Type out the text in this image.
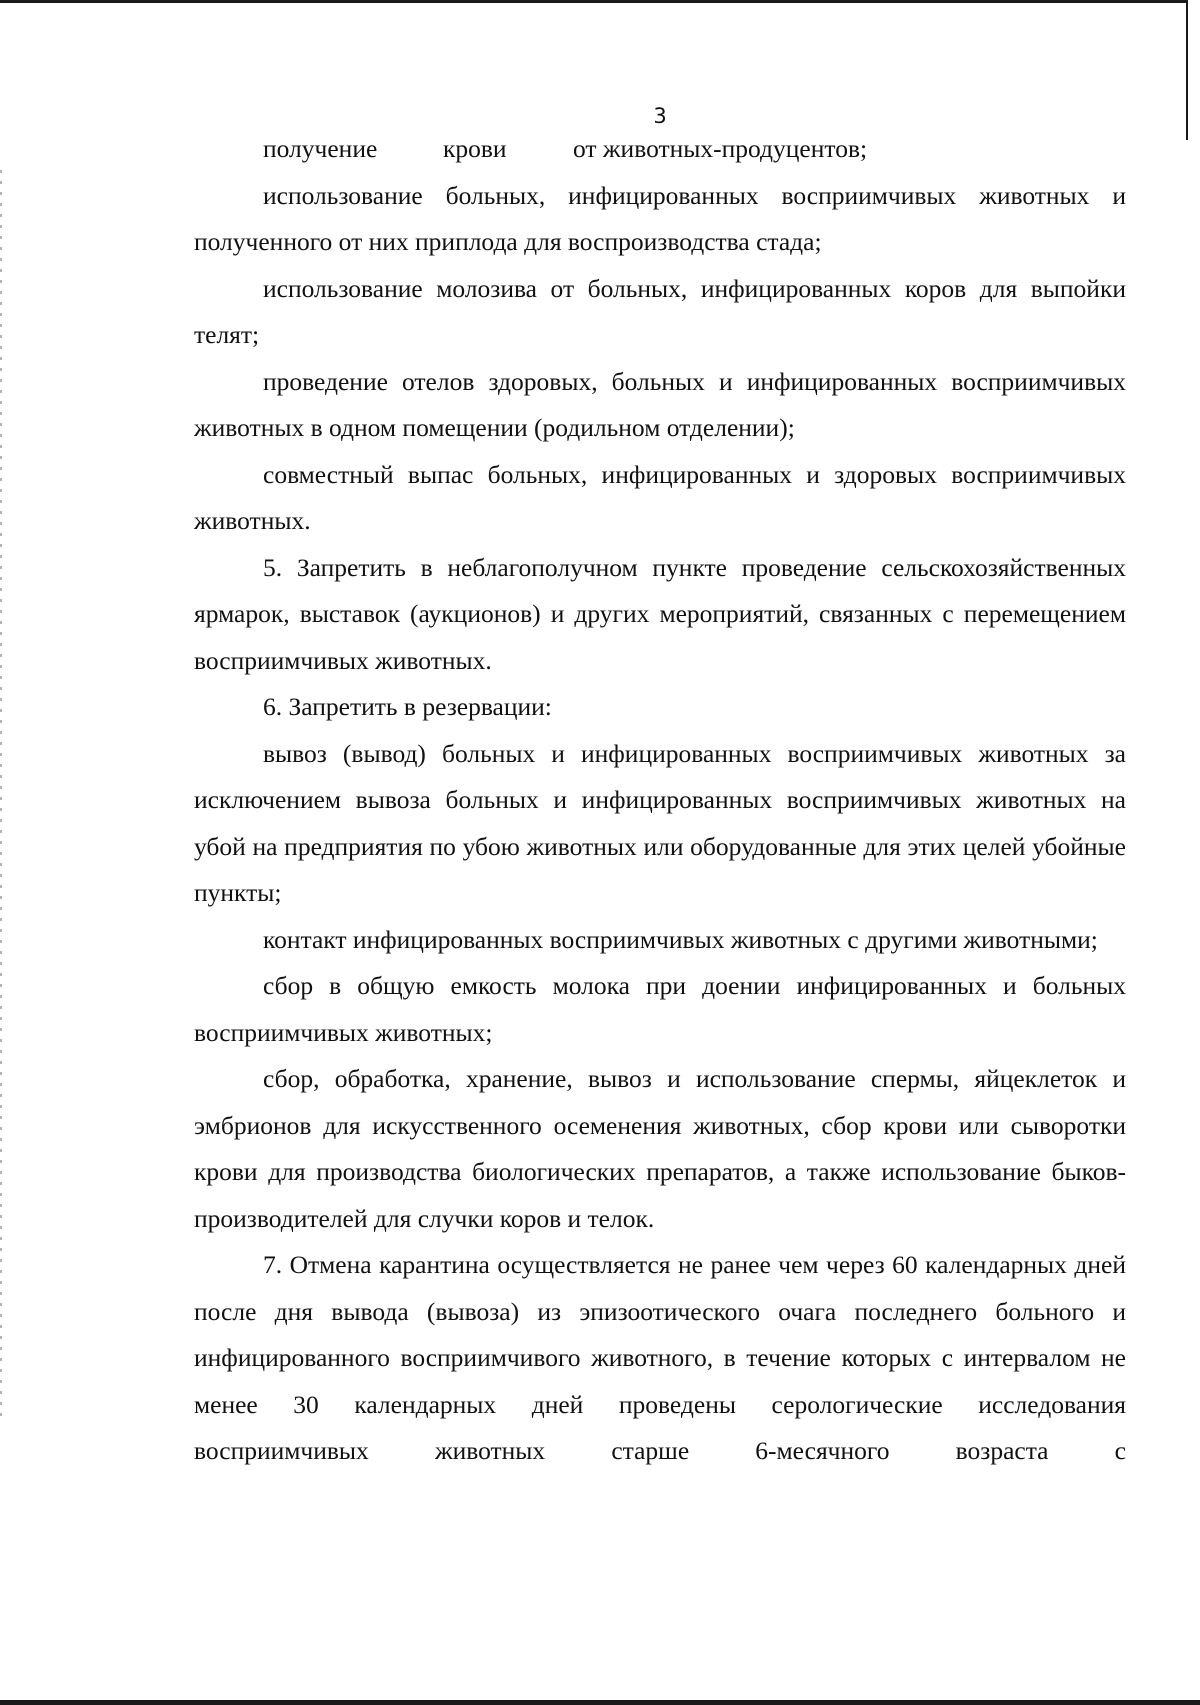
3

получение	крови	от животных-продуцентов;

использование больных, инфицированных восприимчивых животных и полученного от них приплода для воспроизводства стада;

использование молозива от больных, инфицированных коров для выпойки телят;

проведение отелов здоровых, больных и инфицированных восприимчивых животных в одном помещении (родильном отделении);

совместный выпас больных, инфицированных и здоровых восприимчивых животных.

5. Запретить в неблагополучном пункте проведение сельскохозяйственных ярмарок, выставок (аукционов) и других мероприятий, связанных с перемещением восприимчивых животных.

6. Запретить в резервации:

вывоз (вывод) больных и инфицированных восприимчивых животных за исключением вывоза больных и инфицированных восприимчивых животных на убой на предприятия по убою животных или оборудованные для этих целей убойные пункты;

контакт инфицированных восприимчивых животных с другими животными;

сбор в общую емкость молока при доении инфицированных и больных восприимчивых животных;

сбор, обработка, хранение, вывоз и использование спермы, яйцеклеток и эмбрионов для искусственного осеменения животных, сбор крови или сыворотки крови для производства биологических препаратов, а также использование быков-производителей для случки коров и телок.

7. Отмена карантина осуществляется не ранее чем через 60 календарных дней после дня вывода (вывоза) из эпизоотического очага последнего больного и инфицированного восприимчивого животного, в течение которых с интервалом не менее 30 календарных дней проведены серологические исследования восприимчивых животных старше 6-месячного возраста с
